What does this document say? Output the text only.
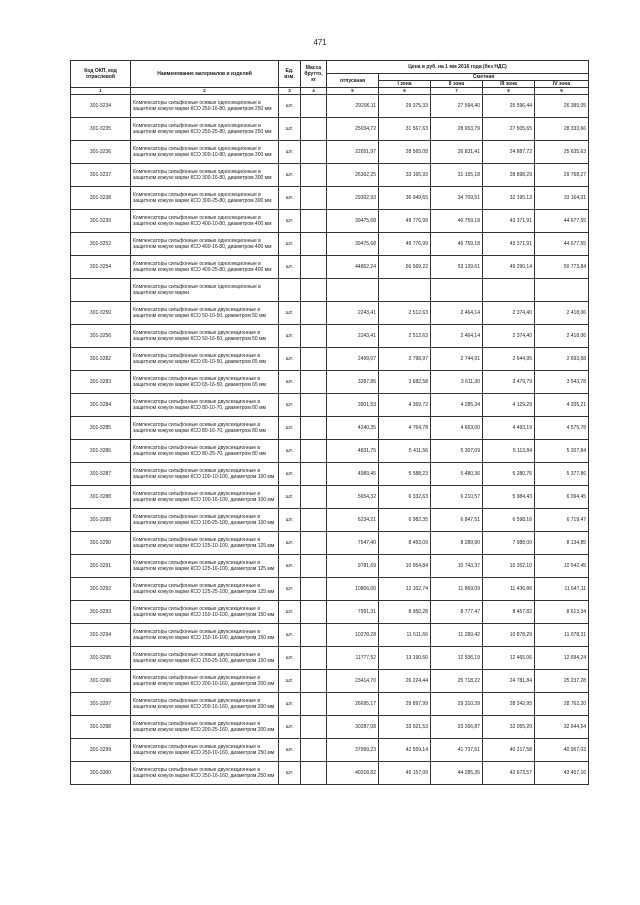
471
Код ОКП, код отраслевой	Наименование материалов и изделий	Ед. изм.	Масса брутто, кг	Цена в руб. на 1 мм 2016 года (без НДС)				
				отпускная	Сметная			
					I зона	II зона	III зона	IV зона
1	2	3	4	5	6	7	8	9
301-3234	Компенсаторы сильфонные осевые односекционные в защитном кожухе марки КСО 250-16-80, диаметром 250 мм	шт.		29296,11	29 375,33	27 594,40	25 596,44	26 385,05
301-3235	Компенсаторы сильфонные осевые односекционные в защитном кожухе марки КСО 250-25-80, диаметром 250 мм	шт.		25034,72	31 567,63	28 653,79	27 505,65	28 333,66
301-3236	Компенсаторы сильфонные осевые односекционные в защитном кожухе марки КСО 300-10-80, диаметром 300 мм	шт.		22651,97	28 565,08	26 831,41	24 887,72	25 635,63
301-3237	Компенсаторы сильфонные осевые односекционные в защитном кожухе марки КСО 300-16-80, диаметром 300 мм	шт.		26302,25	33 165,93	31 155,18	28 898,29	29 768,27
301-3238	Компенсаторы сильфонные осевые односекционные в защитном кожухе марки КСО 300-25-80, диаметром 300 мм	шт.		29302,93	36 949,65	34 709,51	32 195,13	33 164,31
301-3239	Компенсаторы сильфонные осевые односекционные в защитном кожухе марки КСО 400-10-80, диаметром 400 мм	шт.		39475,68	49 776,99	46 759,18	43 371,91	44 677,55
301-3252	Компенсаторы сильфонные осевые односекционные в защитном кожухе марки КСО 400-16-80, диаметром 400 мм	шт.		39475,68	49 776,99	46 759,18	43 371,91	44 677,55
301-3254	Компенсаторы сильфонные осевые односекционные в защитном кожухе марки КСО 400-25-80, диаметром 400 мм	шт.		44862,24	56 569,22	53 139,61	49 290,14	50 773,84
	Компенсаторы сильфонные осевые односекционные в защитном кожухе марки							
301-3250	Компенсаторы сильфонные осевые двухсекционные в защитном кожухе марки КСО 50-10-50, диаметром 50 мм	шт.		2243,41	2 512,63	2 464,14	2 374,40	2 418,06
301-3256	Компенсаторы сильфонные осевые двухсекционные в защитном кожухе марки КСО 50-16-50, диаметром 50 мм	шт.		2243,41	2 512,63	2 464,14	2 374,40	2 418,06
301-3282	Компенсаторы сильфонные осевые двухсекционные в защитном кожухе марки КСО 65-10-50, диаметром 65 мм	шт.		2499,07	2 798,97	2 744,91	2 644,95	2 693,58
301-3283	Компенсаторы сильфонные осевые двухсекционные в защитном кожухе марки КСО 65-16-50, диаметром 65 мм	шт.		3287,86	3 682,58	3 611,30	3 479,79	3 543,78
301-3284	Компенсаторы сильфонные осевые двухсекционные в защитном кожухе марки КСО 80-10-70, диаметром 80 мм	шт.		3901,53	4 369,72	4 285,34	4 129,29	4 205,21
301-3285	Компенсаторы сильфонные осевые двухсекционные в защитном кожухе марки КСО 80-16-70, диаметром 80 мм	шт.		4240,35	4 764,78	4 663,00	4 493,19	4 575,78
301-3286	Компенсаторы сильфонные осевые двухсекционные в защитном кожухе марки КСО 80-25-70, диаметром 80 мм	шт.		4831,75	5 411,56	5 307,09	5 113,84	5 207,84
301-3287	Компенсаторы сильфонные осевые двухсекционные в защитном кожухе марки КСО 100-10-100, диаметром 100 мм	шт.		4989,45	5 588,23	5 480,36	5 280,76	5 377,86
301-3288	Компенсаторы сильфонные осевые двухсекционные в защитном кожухе марки КСО 100-16-100, диаметром 100 мм	шт.		5654,32	6 332,63	6 210,57	5 984,43	6 094,45
301-3289	Компенсаторы сильфонные осевые двухсекционные в защитном кожухе марки КСО 100-25-100, диаметром 100 мм	шт.		6234,21	6 982,35	6 847,51	6 598,16	6 719,47
301-3290	Компенсаторы сильфонные осевые двухсекционные в защитном кожухе марки КСО 125-10-100, диаметром 125 мм	шт.		7547,40	8 453,09	8 289,90	7 988,00	8 134,85
301-3291	Компенсаторы сильфонные осевые двухсекционные в защитном кожухе марки КСО 125-16-100, диаметром 125 мм	шт.		9781,69	10 954,84	10 743,37	10 352,10	10 542,45
301-3292	Компенсаторы сильфонные осевые двухсекционные в защитном кожухе марки КСО 125-25-100, диаметром 125 мм	шт.		10806,00	12 102,74	11 869,09	11 436,86	11 647,11
301-3293	Компенсаторы сильфонные осевые двухсекционные в защитном кожухе марки КСО 150-10-100, диаметром 150 мм	шт.		7991,31	8 950,28	8 777,47	8 457,82	8 613,34
301-3294	Компенсаторы сильфонные осевые двухсекционные в защитном кожухе марки КСО 150-16-100, диаметром 150 мм	шт.		10278,28	11 511,66	11 289,42	10 878,29	11 078,31
301-3295	Компенсаторы сильфонные осевые двухсекционные в защитном кожухе марки КСО 150-25-100, диаметром 150 мм	шт.		11777,52	13 190,60	12 936,19	12 465,06	12 694,24
301-3296	Компенсаторы сильфонные осевые двухсекционные в защитном кожухе марки КСО 200-10-160, диаметром 200 мм	шт.		23414,70	26 224,44	25 718,22	24 781,84	25 237,28
301-3297	Компенсаторы сильфонные осевые двухсекционные в защитном кожухе марки КСО 200-16-160, диаметром 200 мм	шт.		26695,17	29 897,99	29 310,39	28 242,95	28 762,20
301-3298	Компенсаторы сильфонные осевые двухсекционные в защитном кожухе марки КСО 200-25-160, диаметром 200 мм	шт.		30287,08	33 921,53	33 266,87	32 055,20	32 644,54
301-3299	Компенсаторы сильфонные осевые двухсекционные в защитном кожухе марки КСО 250-10-160, диаметром 250 мм	шт.		37999,23	42 559,14	41 737,61	40 217,58	40 957,03
301-3300	Компенсаторы сильфонные осевые двухсекционные в защитном кожухе марки КСО 250-16-160, диаметром 250 мм	шт.		40318,82	45 157,09	44 285,35	42 673,57	43 457,16
